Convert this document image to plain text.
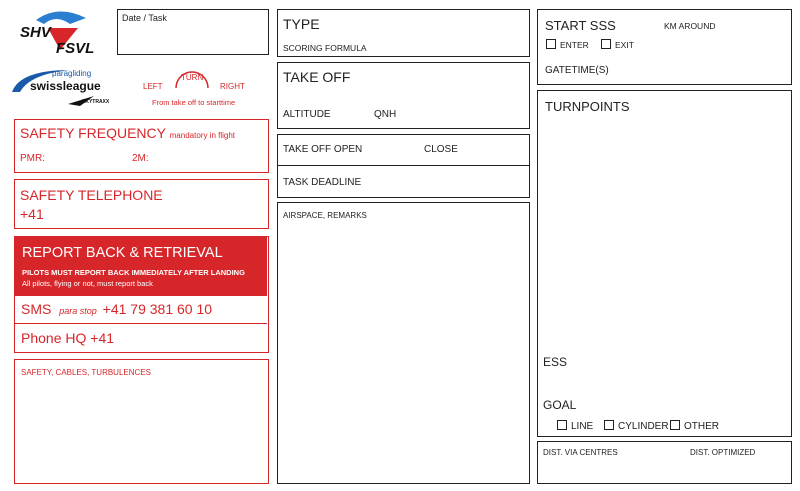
SHV
FSVL
paragliding
swissleague
SKYTRAXX
Date / Task
LEFT
TURN
RIGHT
From take off to starttime
SAFETY FREQUENCY mandatory in flight
PMR:	2M:
SAFETY TELEPHONE
+41
REPORT BACK & RETRIEVAL
PILOTS MUST REPORT BACK IMMEDIATELY AFTER LANDING
All pilots, flying or not, must report back
SMS para stop +41 79 381 60 10
Phone HQ +41
SAFETY, CABLES, TURBULENCES
TYPE
SCORING FORMULA
TAKE OFF
ALTITUDE	QNH
TAKE OFF OPEN	CLOSE
TASK DEADLINE
AIRSPACE, REMARKS
START SSS	KM AROUND
ENTER	EXIT
GATETIME(S)
TURNPOINTS
ESS
GOAL
LINE	CYLINDER	OTHER
DIST. VIA CENTRES	DIST. OPTIMIZED
